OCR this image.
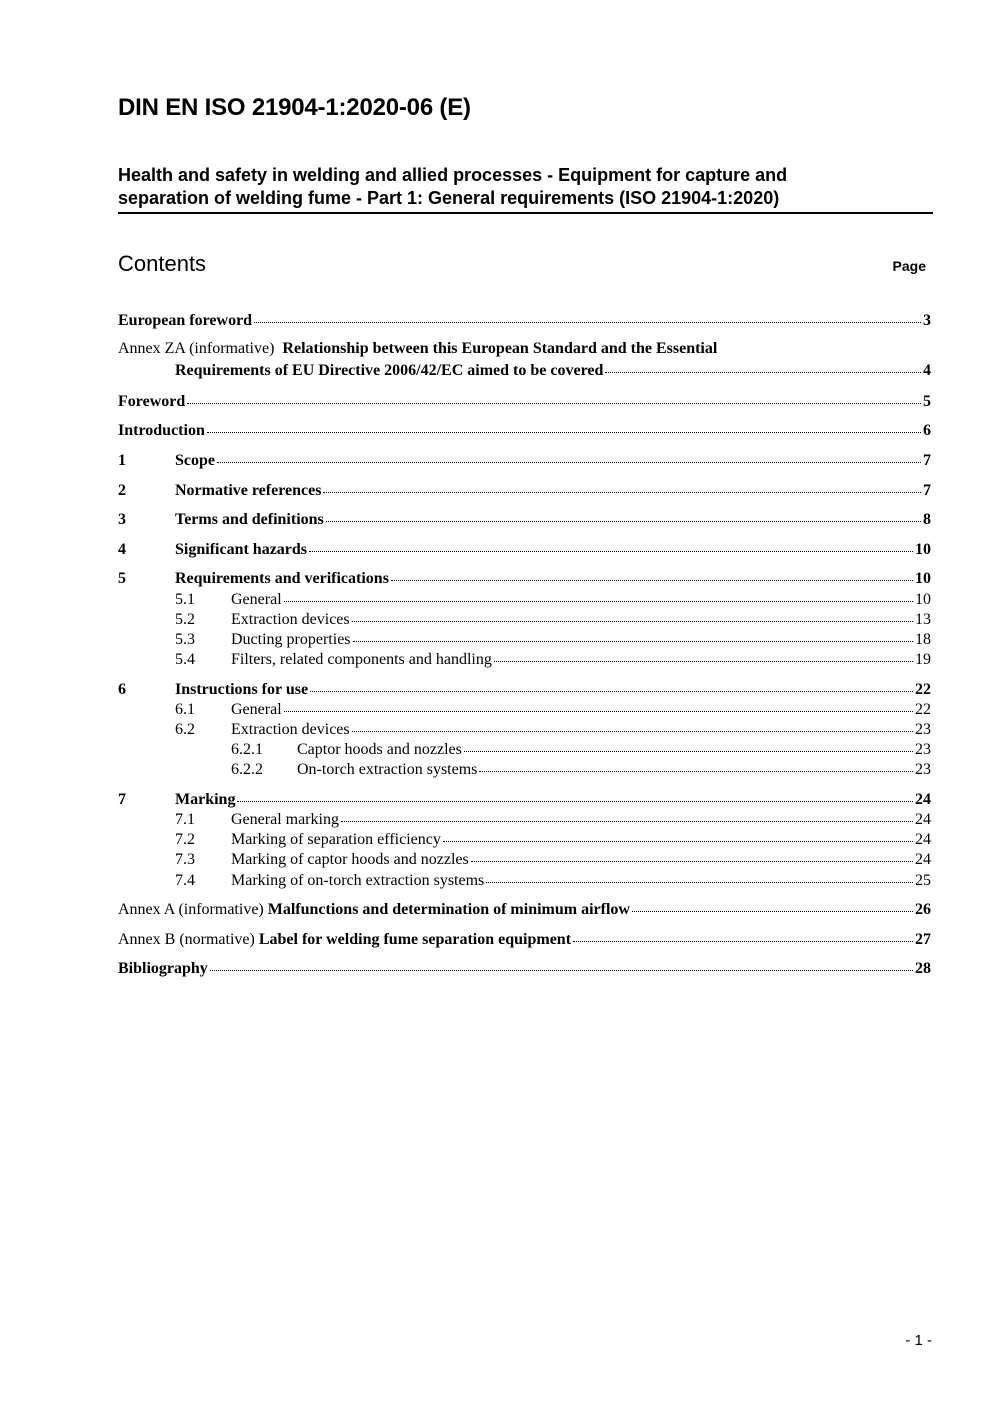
DIN EN ISO 21904-1:2020-06 (E)
Health and safety in welding and allied processes - Equipment for capture and
separation of welding fume - Part 1: General requirements (ISO 21904-1:2020)
Contents	Page
European foreword	3
Annex ZA (informative) Relationship between this European Standard and the Essential
Requirements of EU Directive 2006/42/EC aimed to be covered	4
Foreword	5
Introduction	6
1	Scope	7
2	Normative references	7
3	Terms and definitions	8
4	Significant hazards	10
5	Requirements and verifications	10
5.1 General	10
5.2 Extraction devices	13
5.3 Ducting properties	18
5.4 Filters, related components and handling	19
6	Instructions for use	22
6.1 General	22
6.2 Extraction devices	23
6.2.1 Captor hoods and nozzles	23
6.2.2 On-torch extraction systems	23
7	Marking	24
7.1 General marking	24
7.2 Marking of separation efficiency	24
7.3 Marking of captor hoods and nozzles	24
7.4 Marking of on-torch extraction systems	25
Annex A (informative) Malfunctions and determination of minimum airflow	26
Annex B (normative) Label for welding fume separation equipment	27
Bibliography	28
- 1 -
